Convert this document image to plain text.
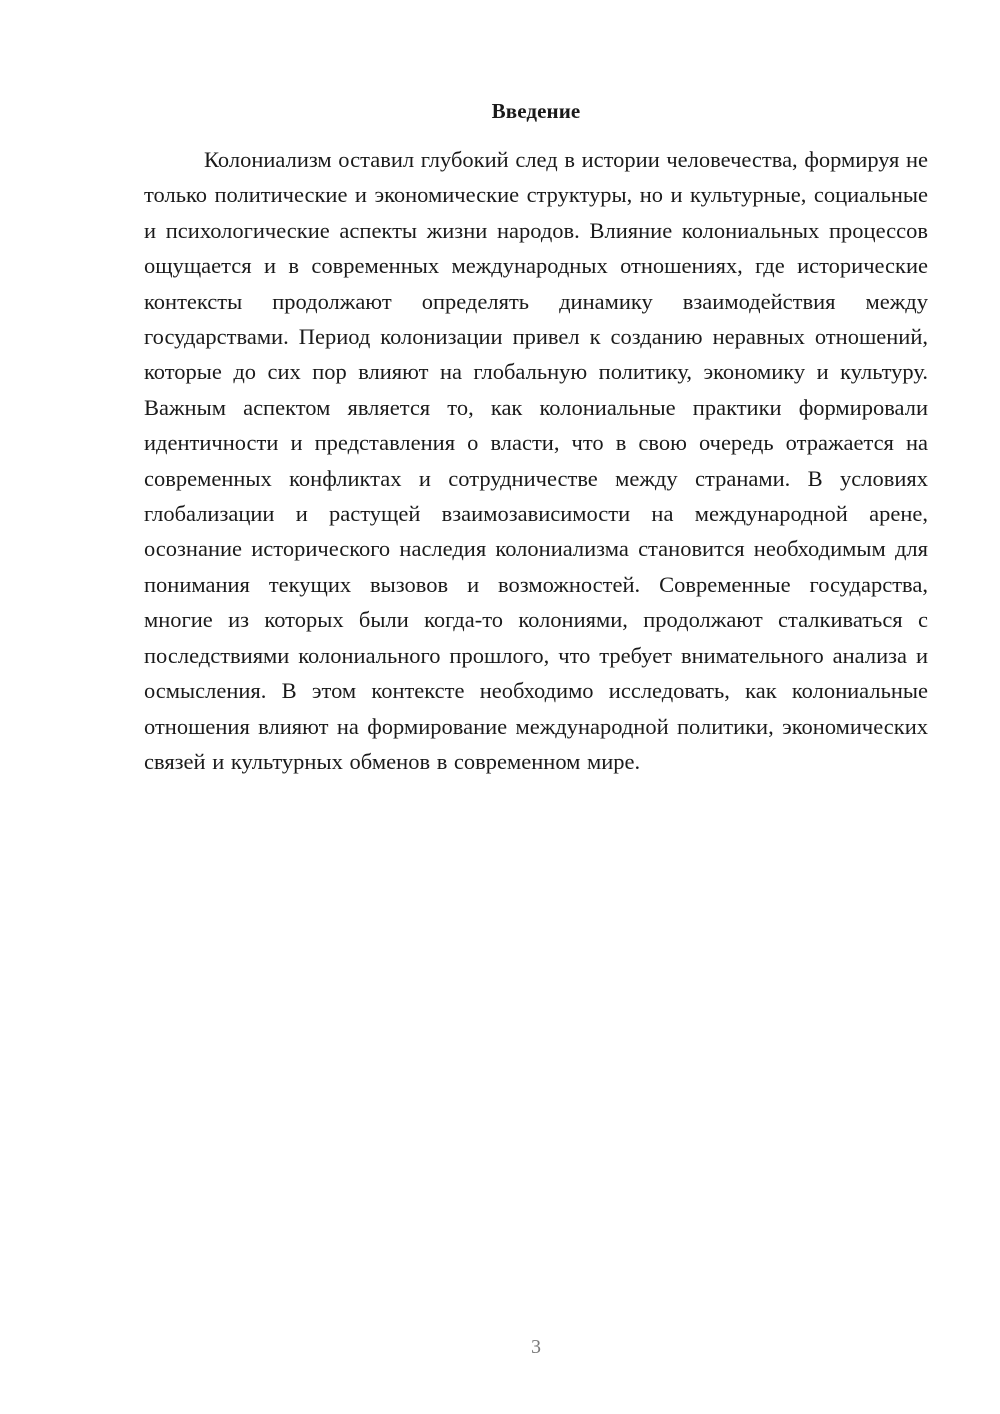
Введение

Колониализм оставил глубокий след в истории человечества, формируя не только политические и экономические структуры, но и культурные, социальные и психологические аспекты жизни народов. Влияние колониальных процессов ощущается и в современных международных отношениях, где исторические контексты продолжают определять динамику взаимодействия между государствами. Период колонизации привел к созданию неравных отношений, которые до сих пор влияют на глобальную политику, экономику и культуру. Важным аспектом является то, как колониальные практики формировали идентичности и представления о власти, что в свою очередь отражается на современных конфликтах и сотрудничестве между странами. В условиях глобализации и растущей взаимозависимости на международной арене, осознание исторического наследия колониализма становится необходимым для понимания текущих вызовов и возможностей. Современные государства, многие из которых были когда-то колониями, продолжают сталкиваться с последствиями колониального прошлого, что требует внимательного анализа и осмысления. В этом контексте необходимо исследовать, как колониальные отношения влияют на формирование международной политики, экономических связей и культурных обменов в современном мире.

3
